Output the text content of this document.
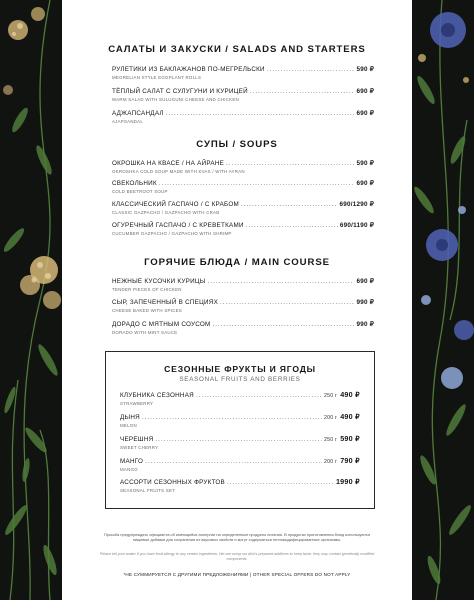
САЛАТЫ И ЗАКУСКИ / SALADS AND STARTERS
РУЛЕТИКИ ИЗ БАКЛАЖАНОВ ПО-МЕГРЕЛЬСКИ .....	590 ₽
MEGRELIAN STYLE EGGPLANT ROLLS
ТЁПЛЫЙ САЛАТ С СУЛУГУНИ И КУРИЦЕЙ .....	690 ₽
WARM SALAD WITH SULUGUNI CHEESE AND CHICKEN
АДЖАПСАНДАЛ .....	690 ₽
AJAPSANDAL
СУПЫ / SOUPS
ОКРОШКА НА КВАСЕ / НА АЙРАНЕ .....	590 ₽
OKROSHKA COLD SOUP MADE WITH KVAS / WITH AYRAN
СВЕКОЛЬНИК .....	690 ₽
COLD BEETROOT SOUP
КЛАССИЧЕСКИЙ ГАСПАЧО / С КРАБОМ .....	690/1290 ₽
CLASSIC GAZPACHO / GAZPACHO WITH CRAB
ОГУРЕЧНЫЙ ГАСПАЧО / С КРЕВЕТКАМИ .....	690/1190 ₽
CUCUMBER GAZPACHO / GAZPACHO WITH SHRIMP
ГОРЯЧИЕ БЛЮДА / MAIN COURSE
НЕЖНЫЕ КУСОЧКИ КУРИЦЫ .....	690 ₽
TENDER PIECES OF CHICKEN
СЫР, ЗАПЕЧЕННЫЙ В СПЕЦИЯХ .....	990 ₽
CHEESE BAKED WITH SPICES
ДОРАДО С МЯТНЫМ СОУСОМ .....	990 ₽
DORADO WITH MINT SAUCE
СЕЗОННЫЕ ФРУКТЫ И ЯГОДЫ
SEASONAL FRUITS AND BERRIES
КЛУБНИКА СЕЗОННАЯ .....	250 г 490 ₽
STRAWBERRY
ДЫНЯ .....	200 г 490 ₽
MELON
ЧЕРЕШНЯ .....	250 г 590 ₽
SWEET CHERRY
МАНГО .....	200 г 790 ₽
MANGO
АССОРТИ СЕЗОННЫХ ФРУКТОВ .....	1990 ₽
SEASONAL FRUITS SET
Просьба предупреждать официанта об имеющейся аллергии на определенные продукты питания. В продуктах приготовления блюд используются пищевые добавки для сохранения их вкусовых свойств и могут содержаться генномодифицированные организмы.
Please tell your waiter if you have food allergy to any certain ingredients. We are using our dish's prepared additives to keep taste; they may contain genetically modified components.
*НЕ СУММИРУЕТСЯ С ДРУГИМИ ПРЕДЛОЖЕНИЯМИ | OTHER SPECIAL OFFERS DO NOT APPLY
